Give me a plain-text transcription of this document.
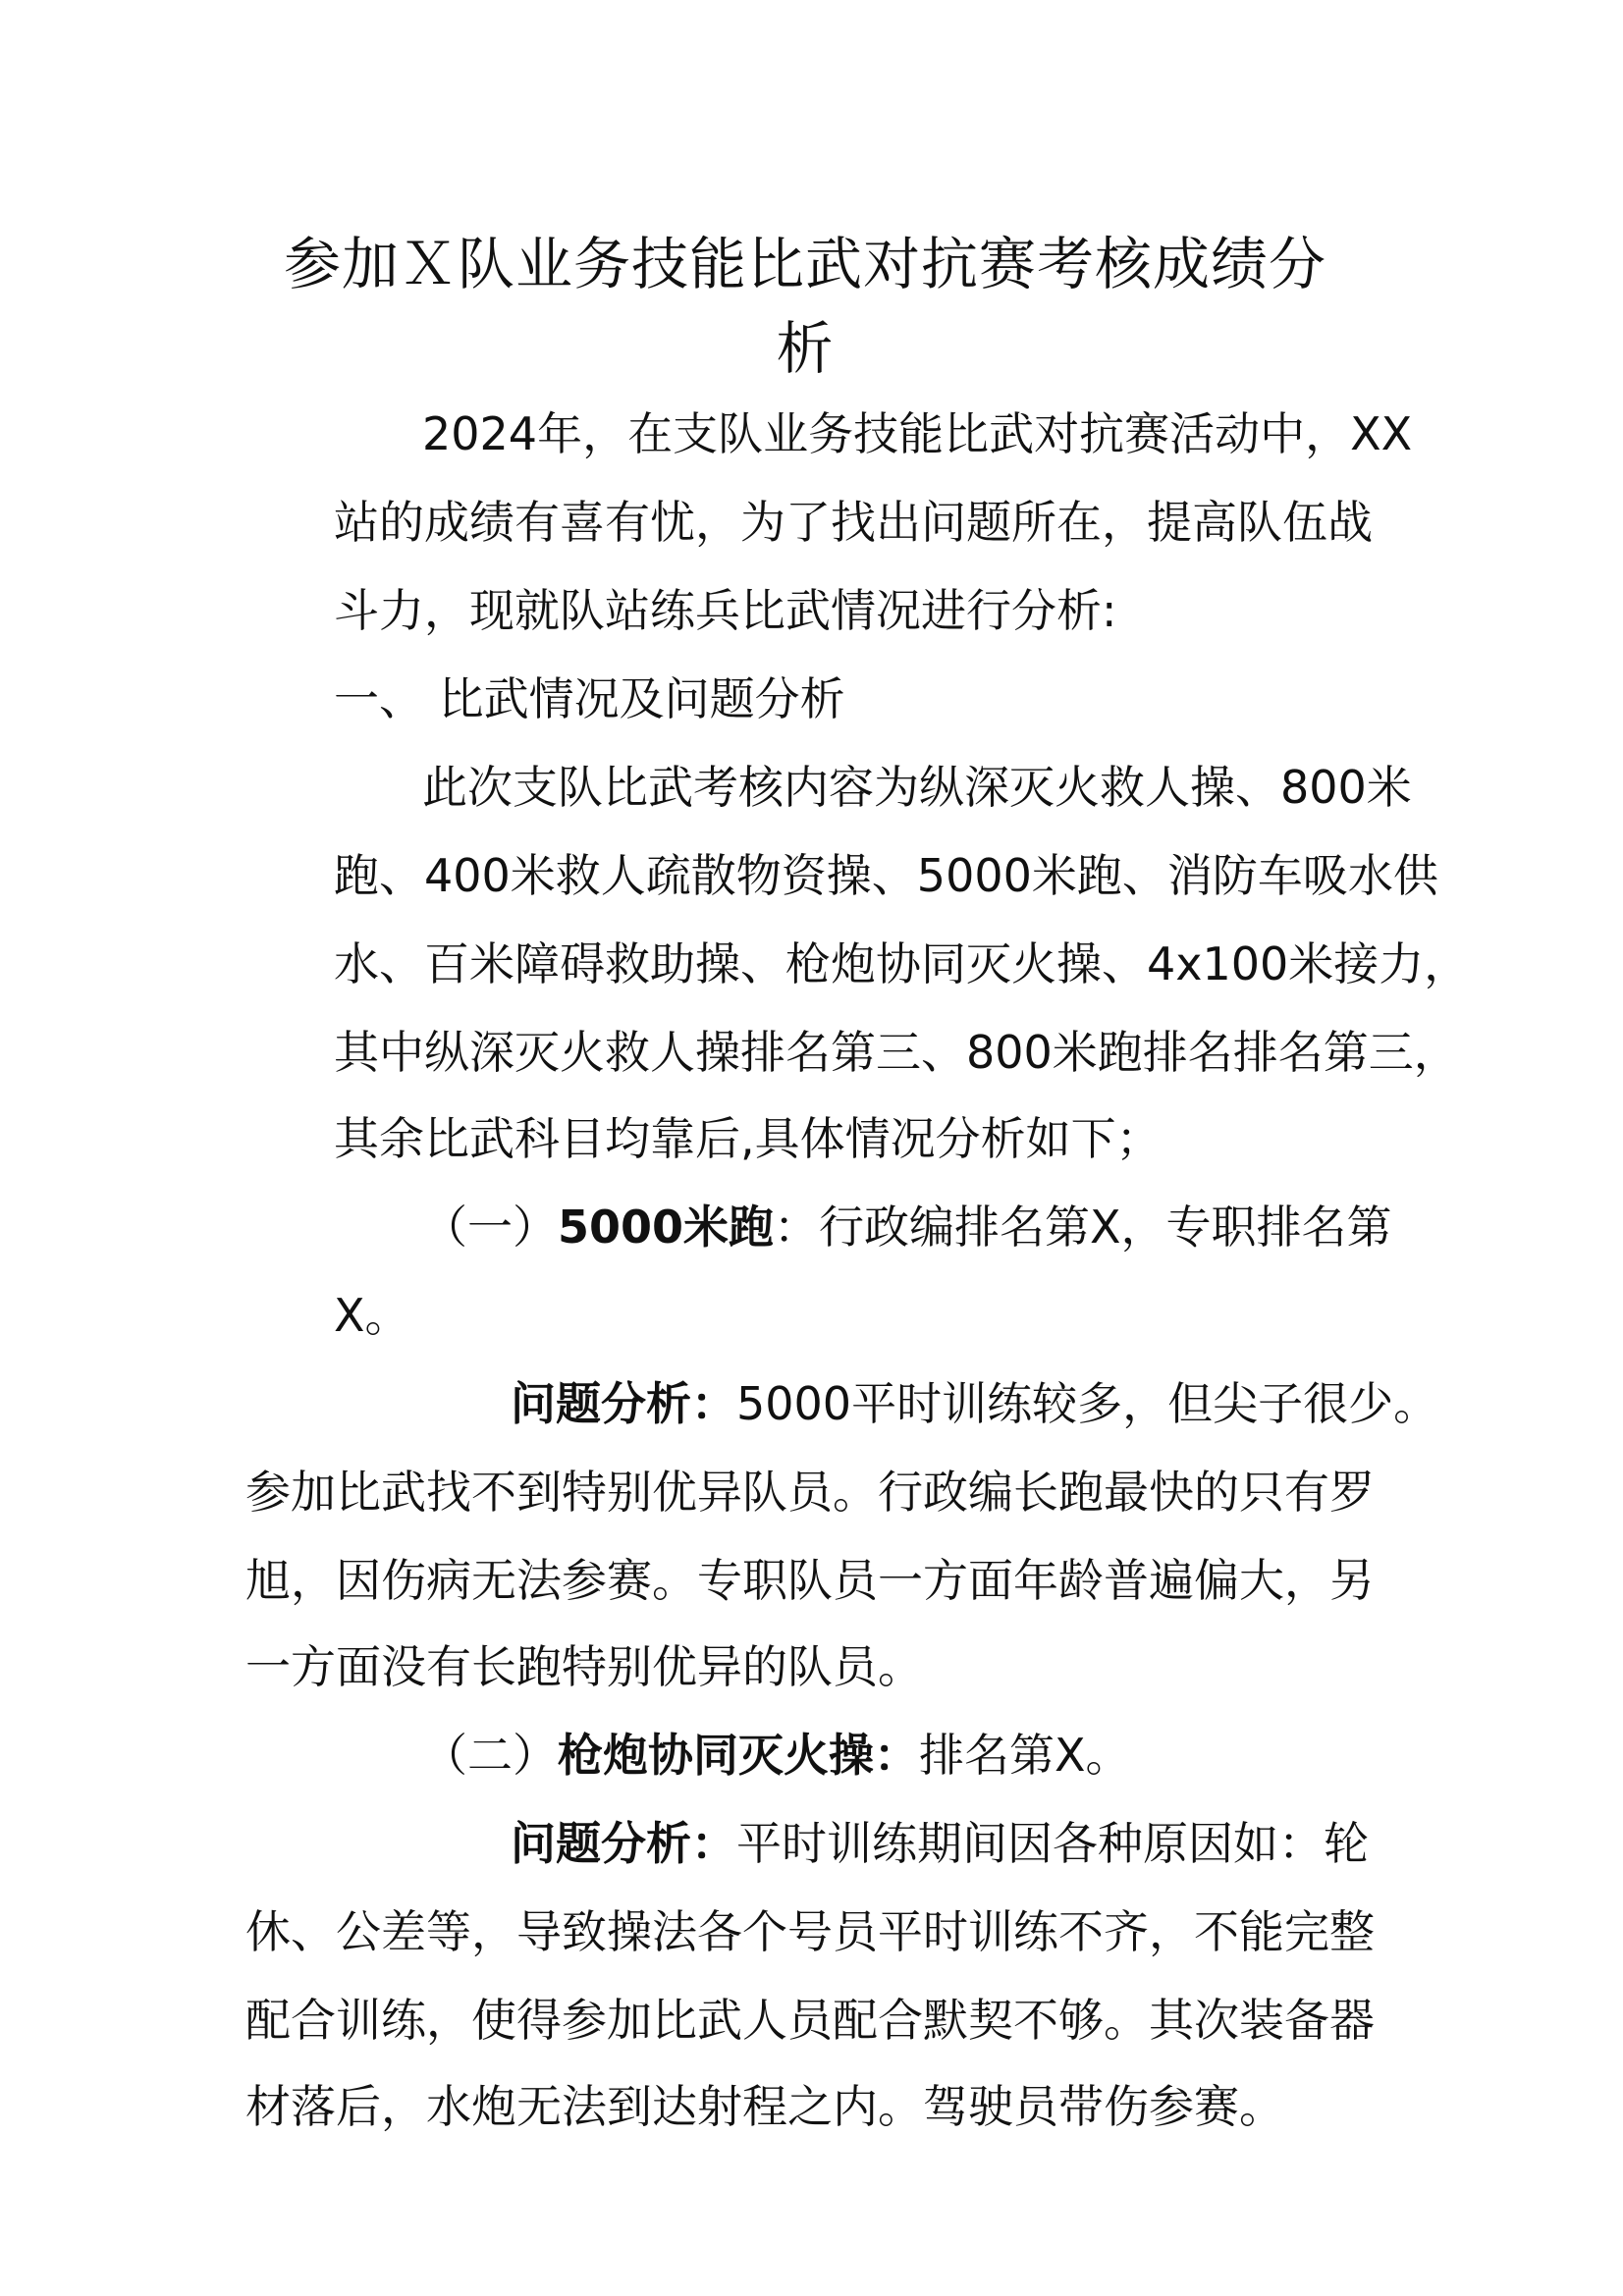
参加Ｘ队业务技能比武对抗赛考核成绩分
析
2024年，在支队业务技能比武对抗赛活动中，XX
站的成绩有喜有忧，为了找出问题所在，提高队伍战
斗力，现就队站练兵比武情况进行分析:
一、 比武情况及问题分析
此次支队比武考核内容为纵深灭火救人操、800米
跑、400米救人疏散物资操、5000米跑、消防车吸水供
水、百米障碍救助操、枪炮协同灭火操、4x100米接力，
其中纵深灭火救人操排名第三、800米跑排名排名第三，
其余比武科目均靠后,具体情况分析如下；
（一）5000米跑：行政编排名第X，专职排名第
X。
问题分析：5000平时训练较多，但尖子很少。
参加比武找不到特别优异队员。行政编长跑最快的只有罗
旭，因伤病无法参赛。专职队员一方面年龄普遍偏大，另
一方面没有长跑特别优异的队员。
（二）枪炮协同灭火操：排名第X。
问题分析：平时训练期间因各种原因如：轮
休、公差等，导致操法各个号员平时训练不齐，不能完整
配合训练，使得参加比武人员配合默契不够。其次装备器
材落后，水炮无法到达射程之内。驾驶员带伤参赛。
